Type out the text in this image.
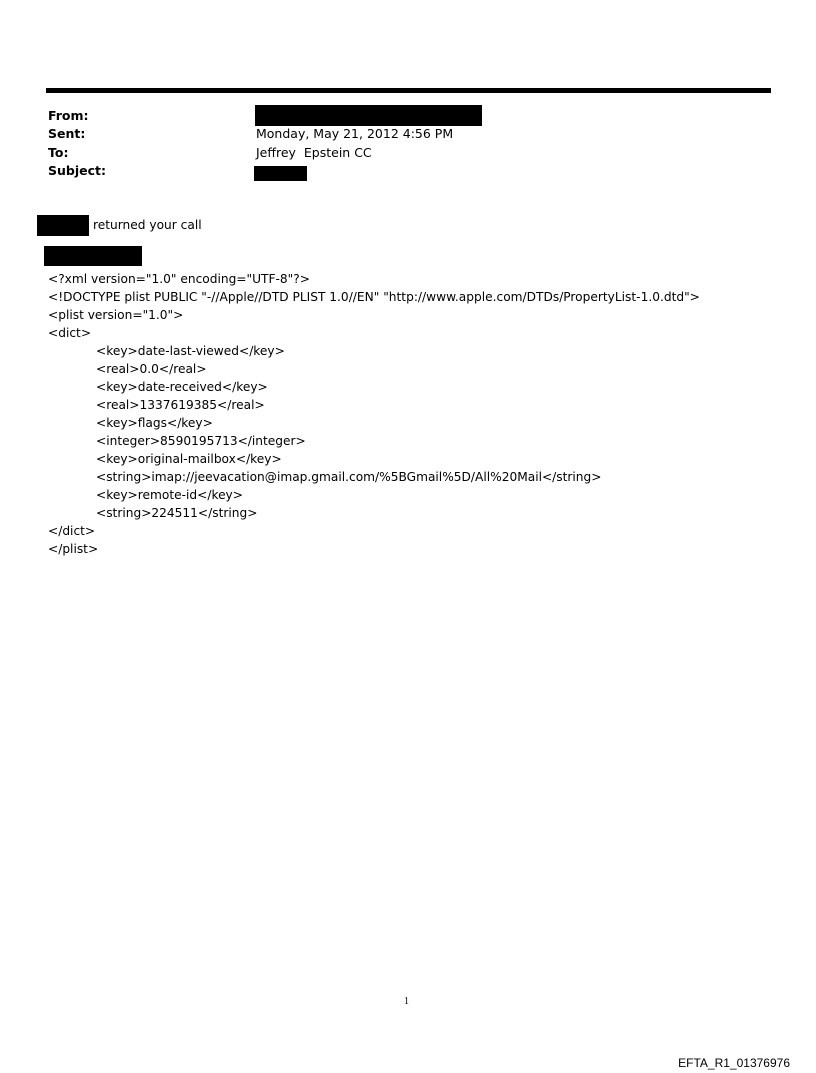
From:
Sent:
To:
Subject:
Monday, May 21, 2012 4:56 PM
Jeffrey  Epstein CC
returned your call
<?xml version="1.0" encoding="UTF-8"?>
<!DOCTYPE plist PUBLIC "-//Apple//DTD PLIST 1.0//EN" "http://www.apple.com/DTDs/PropertyList-1.0.dtd">
<plist version="1.0">
<dict>
<key>date-last-viewed</key>
<real>0.0</real>
<key>date-received</key>
<real>1337619385</real>
<key>flags</key>
<integer>8590195713</integer>
<key>original-mailbox</key>
<string>imap://jeevacation@imap.gmail.com/%5BGmail%5D/All%20Mail</string>
<key>remote-id</key>
<string>224511</string>
</dict>
</plist>
1
EFTA_R1_01376976
